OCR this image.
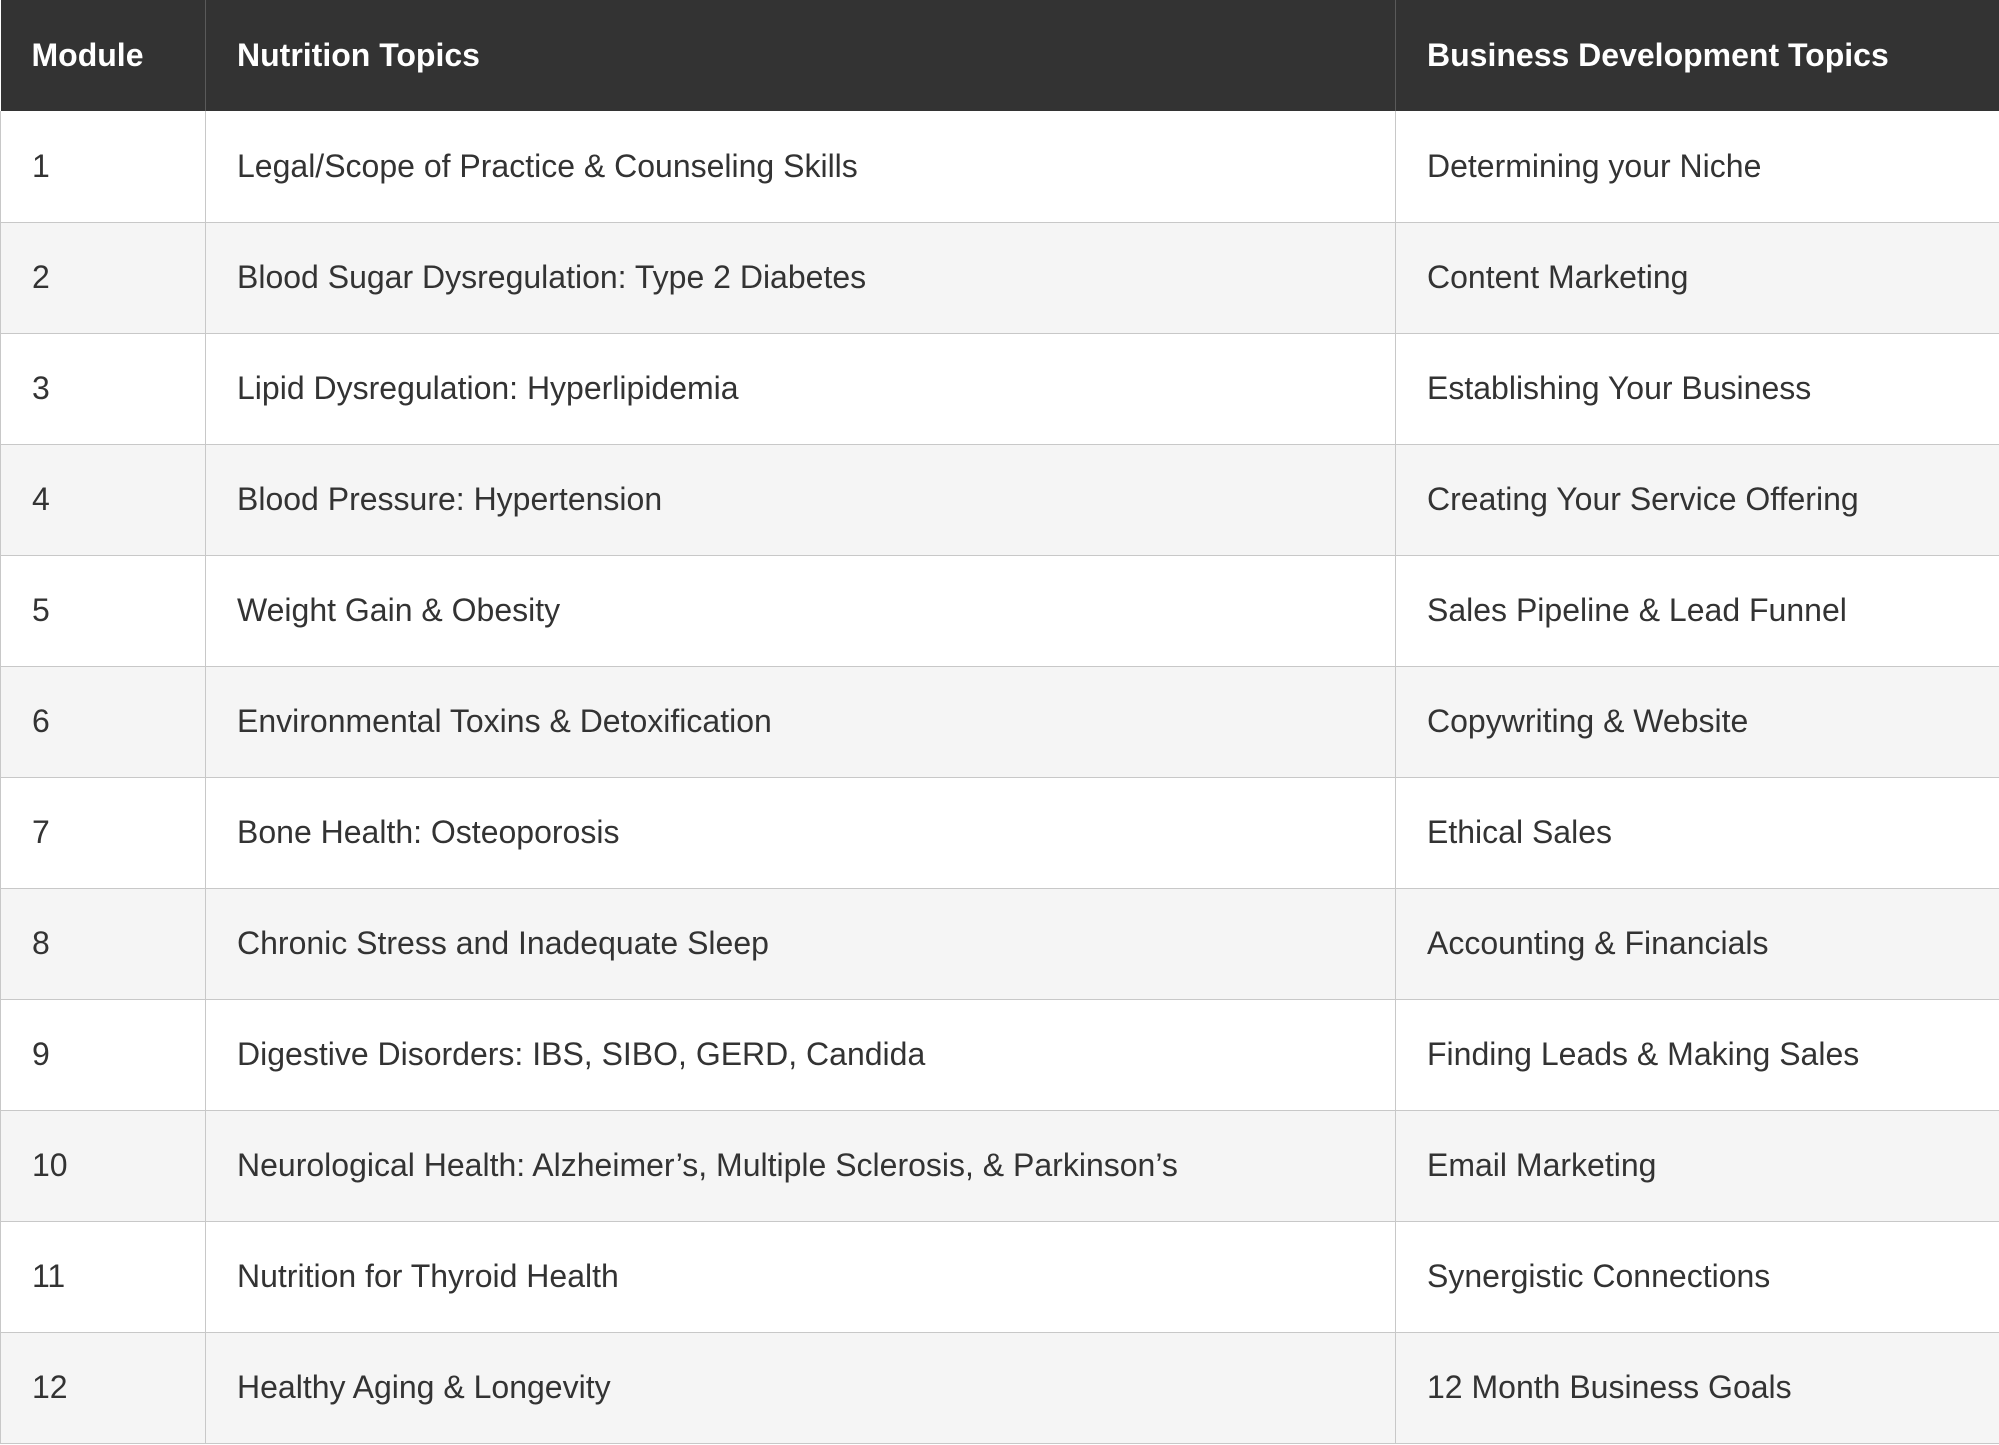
Module	Nutrition Topics	Business Development Topics
1	Legal/Scope of Practice & Counseling Skills	Determining your Niche
2	Blood Sugar Dysregulation: Type 2 Diabetes	Content Marketing
3	Lipid Dysregulation: Hyperlipidemia	Establishing Your Business
4	Blood Pressure: Hypertension	Creating Your Service Offering
5	Weight Gain & Obesity	Sales Pipeline & Lead Funnel
6	Environmental Toxins & Detoxification	Copywriting & Website
7	Bone Health: Osteoporosis	Ethical Sales
8	Chronic Stress and Inadequate Sleep	Accounting & Financials
9	Digestive Disorders: IBS, SIBO, GERD, Candida	Finding Leads & Making Sales
10	Neurological Health: Alzheimer’s, Multiple Sclerosis, & Parkinson’s	Email Marketing
11	Nutrition for Thyroid Health	Synergistic Connections
12	Healthy Aging & Longevity	12 Month Business Goals
